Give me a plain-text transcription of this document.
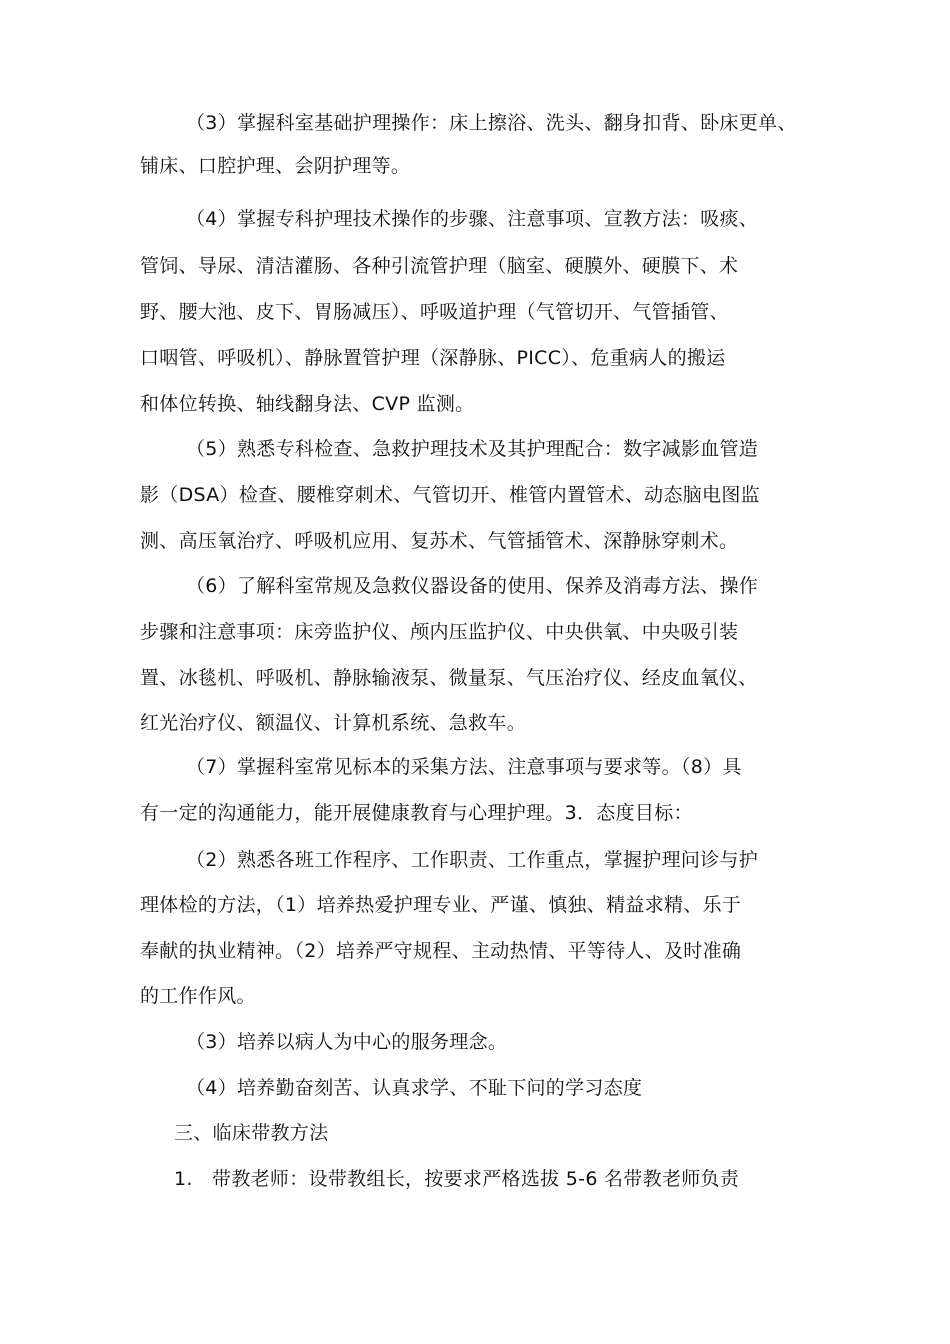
（3）掌握科室基础护理操作：床上擦浴、洗头、翻身扣背、卧床更单、
铺床、口腔护理、会阴护理等。
（4）掌握专科护理技术操作的步骤、注意事项、宣教方法：吸痰、
管饲、导尿、清洁灌肠、各种引流管护理（脑室、硬膜外、硬膜下、术
野、腰大池、皮下、胃肠减压）、呼吸道护理（气管切开、气管插管、
口咽管、呼吸机）、静脉置管护理（深静脉、PICC）、危重病人的搬运
和体位转换、轴线翻身法、CVP 监测。
（5）熟悉专科检查、急救护理技术及其护理配合：数字减影血管造
影（DSA）检查、腰椎穿刺术、气管切开、椎管内置管术、动态脑电图监
测、高压氧治疗、呼吸机应用、复苏术、气管插管术、深静脉穿刺术。
（6）了解科室常规及急救仪器设备的使用、保养及消毒方法、操作
步骤和注意事项：床旁监护仪、颅内压监护仪、中央供氧、中央吸引装
置、冰毯机、呼吸机、静脉输液泵、微量泵、气压治疗仪、经皮血氧仪、
红光治疗仪、额温仪、计算机系统、急救车。
（7）掌握科室常见标本的采集方法、注意事项与要求等。（8）具
有一定的沟通能力，能开展健康教育与心理护理。3．态度目标：
（2）熟悉各班工作程序、工作职责、工作重点，掌握护理问诊与护
理体检的方法，（1）培养热爱护理专业、严谨、慎独、精益求精、乐于
奉献的执业精神。（2）培养严守规程、主动热情、平等待人、及时准确
的工作作风。
（3）培养以病人为中心的服务理念。
（4）培养勤奋刻苦、认真求学、不耻下问的学习态度
三、临床带教方法
1.　带教老师：设带教组长，按要求严格选拔 5-6 名带教老师负责
